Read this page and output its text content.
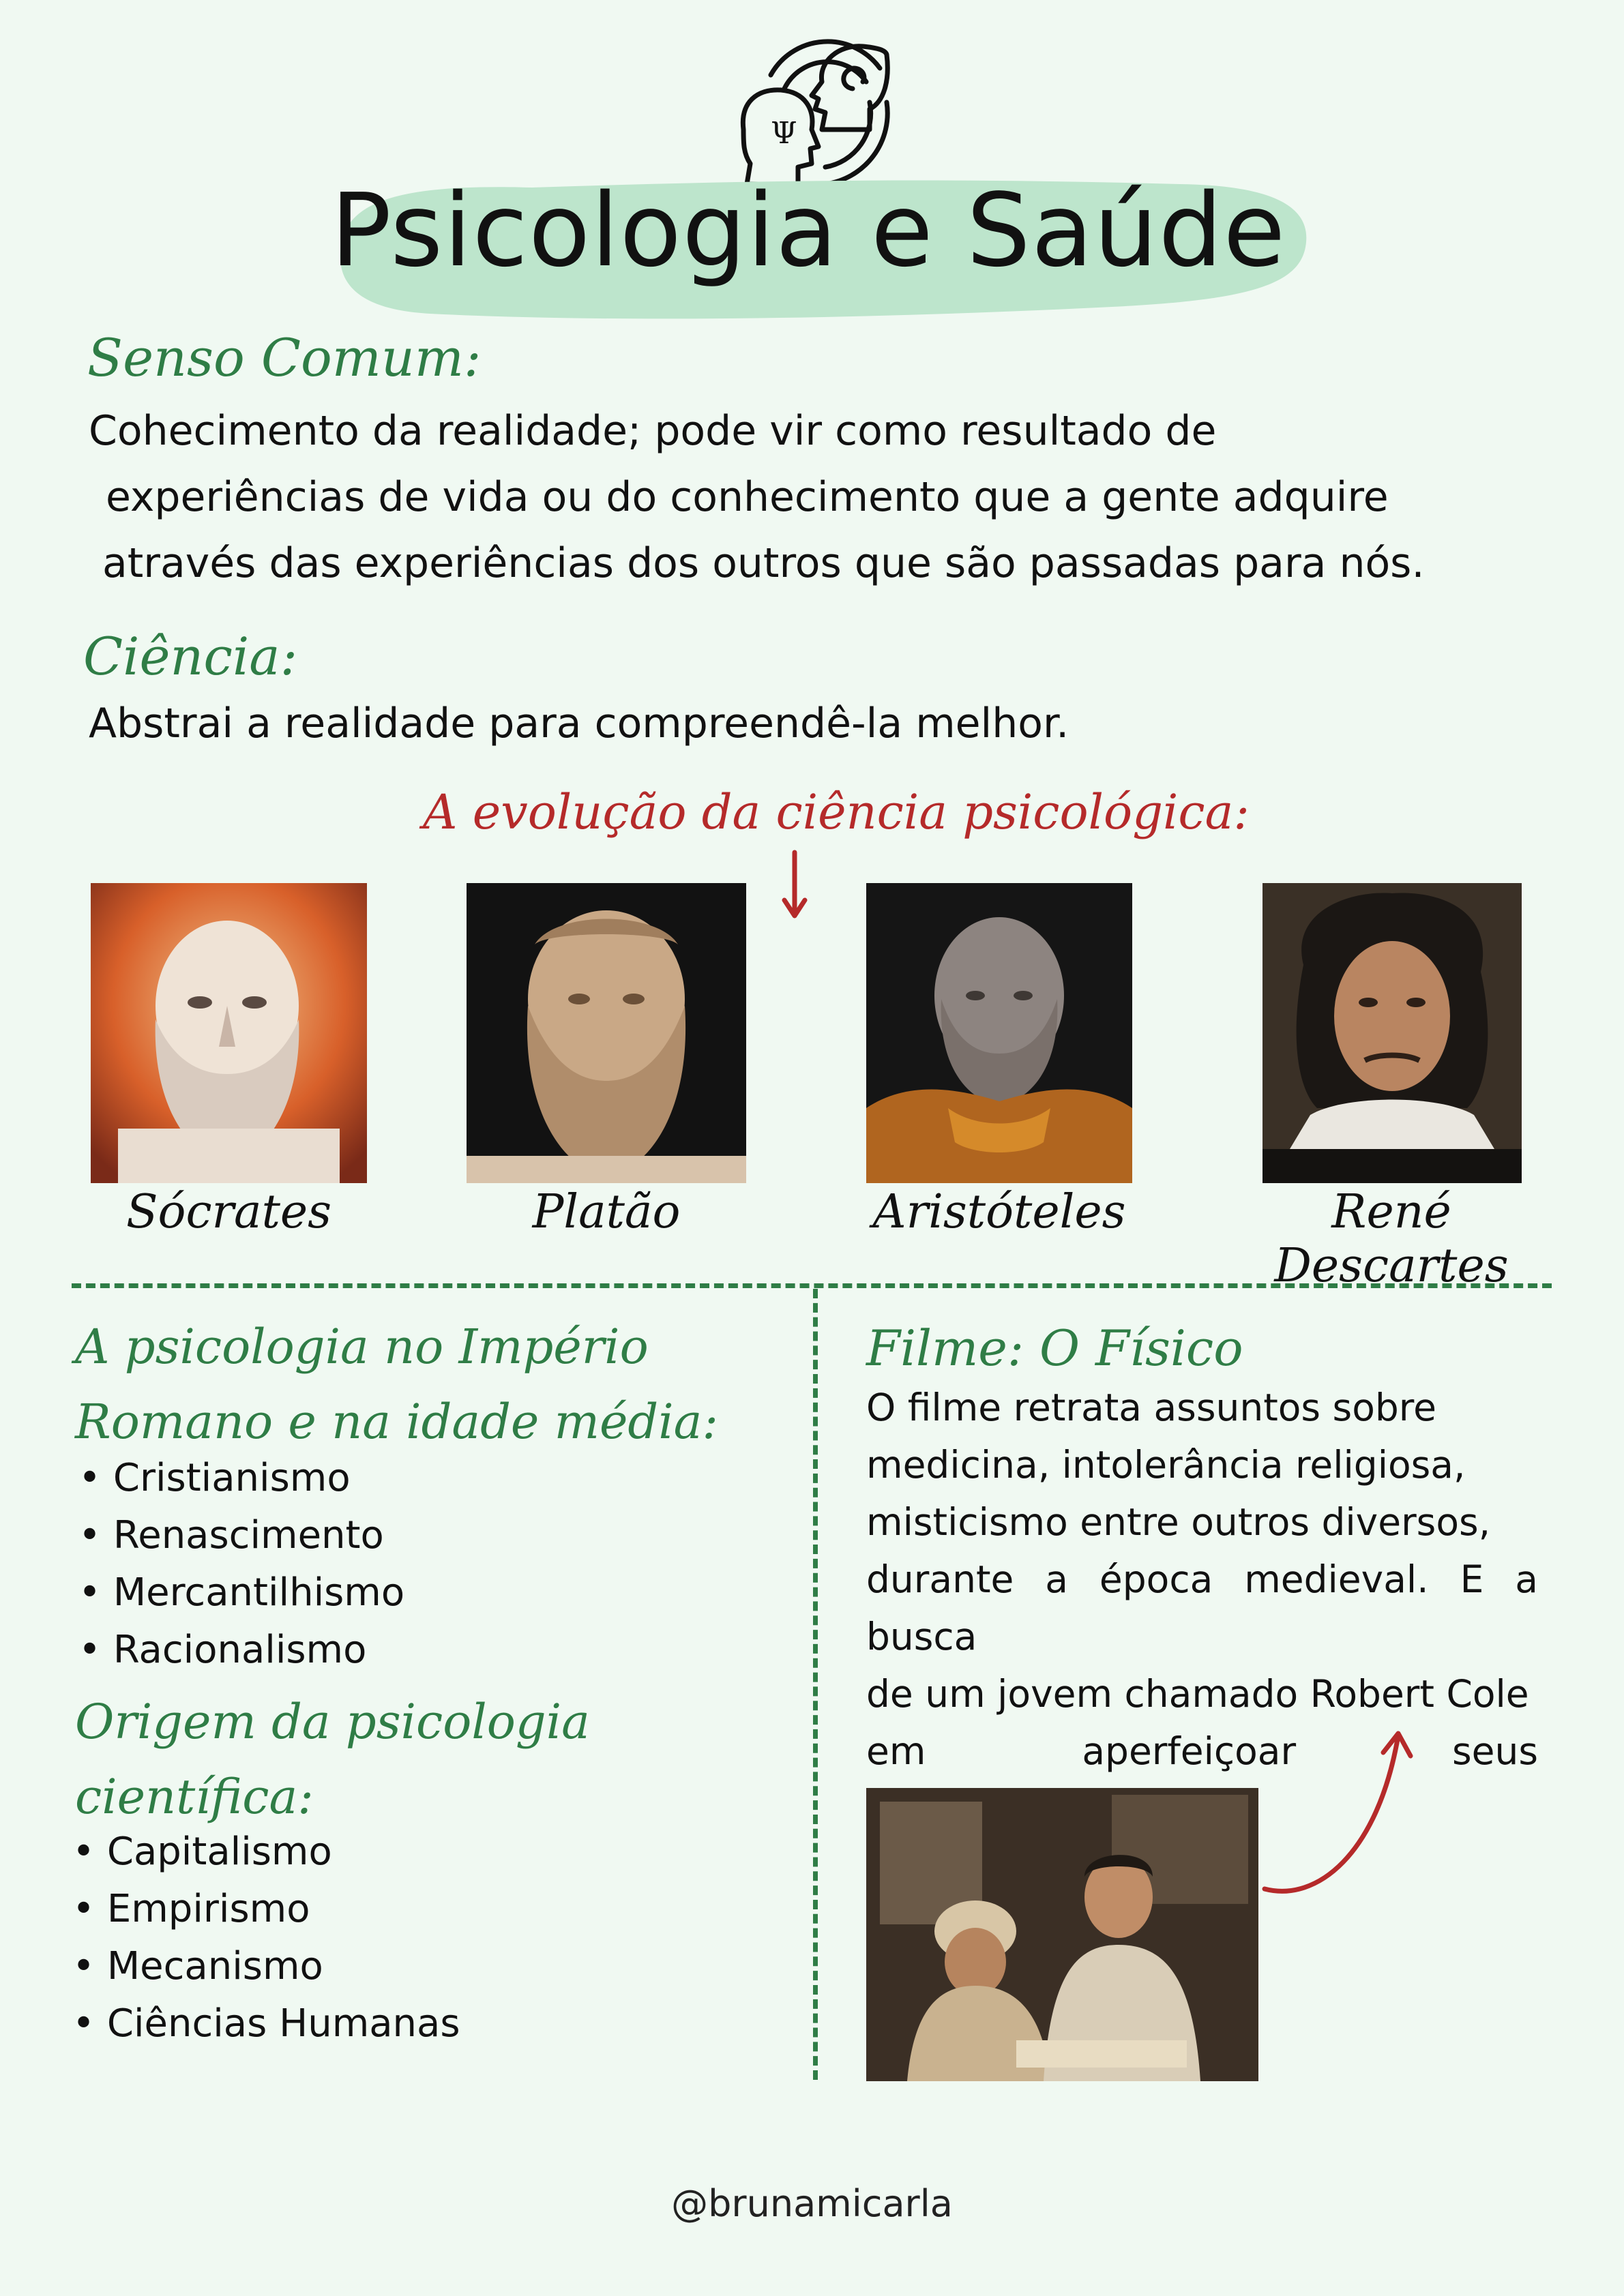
Ψ
Psicologia e Saúde
Senso Comum:
Cohecimento da realidade; pode vir como resultado de
experiências de vida ou do conhecimento que a gente adquire
através das experiências dos outros que são passadas para nós.
Ciência:
Abstrai a realidade para compreendê-la melhor.
A evolução da ciência psicológica:
Sócrates	Platão	Aristóteles	René Descartes
A psicologia no Império Romano e na idade média:
• Cristianismo
• Renascimento
• Mercantilhismo
• Racionalismo
Origem da psicologia científica:
• Capitalismo
• Empirismo
• Mecanismo
• Ciências Humanas
Filme: O Físico
O filme retrata assuntos sobre
medicina, intolerância religiosa,
misticismo entre outros diversos,
durante a época medieval. E a busca
de um jovem chamado Robert Cole
em aperfeiçoar seus
@brunamicarla
